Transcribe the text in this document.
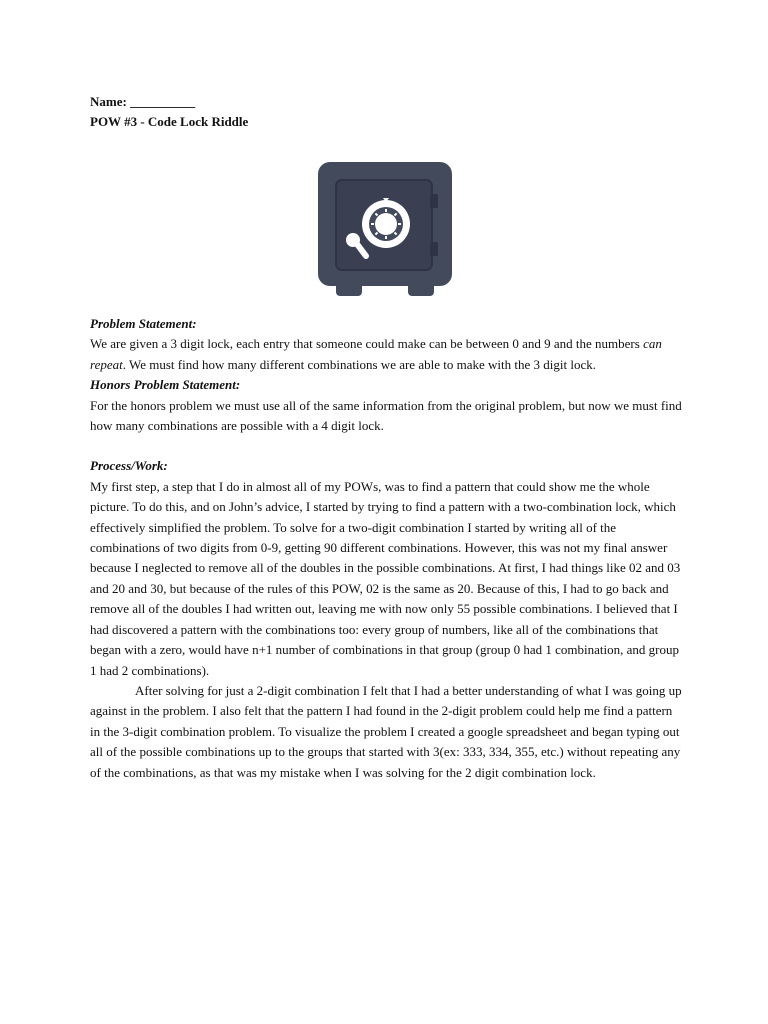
Name: __________
POW #3 - Code Lock Riddle

Problem Statement:

We are given a 3 digit lock, each entry that someone could make can be between 0 and 9 and the numbers can repeat. We must find how many different combinations we are able to make with the 3 digit lock.

Honors Problem Statement:

For the honors problem we must use all of the same information from the original problem, but now we must find how many combinations are possible with a 4 digit lock.

Process/Work:

My first step, a step that I do in almost all of my POWs, was to find a pattern that could show me the whole picture. To do this, and on John’s advice, I started by trying to find a pattern with a two-combination lock, which effectively simplified the problem. To solve for a two-digit combination I started by writing all of the combinations of two digits from 0-9, getting 90 different combinations. However, this was not my final answer because I neglected to remove all of the doubles in the possible combinations. At first, I had things like 02 and 03 and 20 and 30, but because of the rules of this POW, 02 is the same as 20. Because of this, I had to go back and remove all of the doubles I had written out, leaving me with now only 55 possible combinations. I believed that I had discovered a pattern with the combinations too: every group of numbers, like all of the combinations that began with a zero, would have n+1 number of combinations in that group (group 0 had 1 combination, and group 1 had 2 combinations).

After solving for just a 2-digit combination I felt that I had a better understanding of what I was going up against in the problem. I also felt that the pattern I had found in the 2-digit problem could help me find a pattern in the 3-digit combination problem. To visualize the problem I created a google spreadsheet and began typing out all of the possible combinations up to the groups that started with 3(ex: 333, 334, 355, etc.) without repeating any of the combinations, as that was my mistake when I was solving for the 2 digit combination lock.
